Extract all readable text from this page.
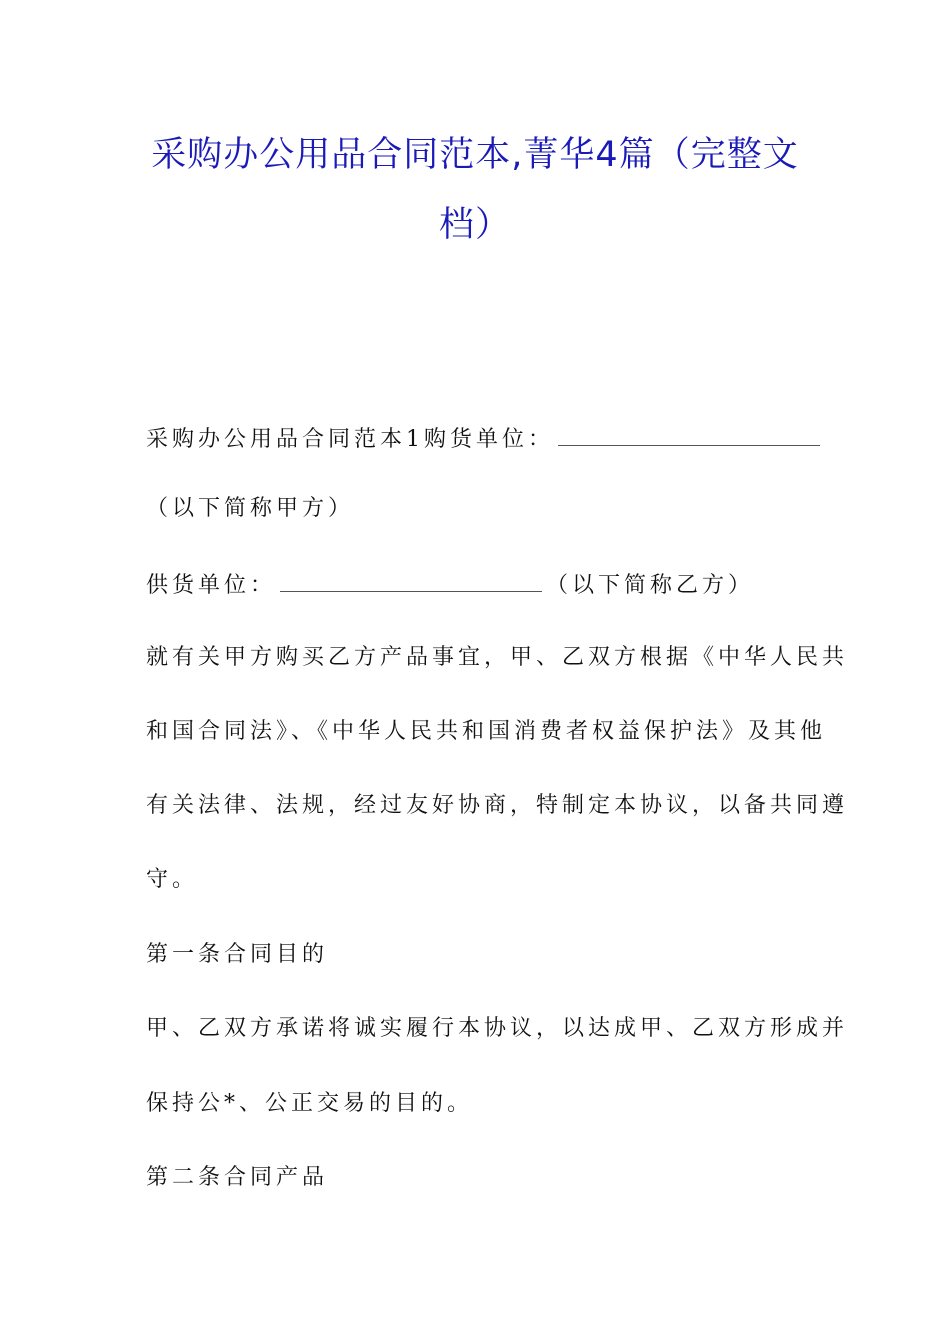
采购办公用品合同范本,菁华4篇（完整文
档）
采购办公用品合同范本1购货单位：
（以下简称甲方）
供货单位：	（以下简称乙方）
就有关甲方购买乙方产品事宜，甲、乙双方根据《中华人民共
和国合同法》、《中华人民共和国消费者权益保护法》及其他
有关法律、法规，经过友好协商，特制定本协议，以备共同遵
守。
第一条合同目的
甲、乙双方承诺将诚实履行本协议，以达成甲、乙双方形成并
保持公*、公正交易的目的。
第二条合同产品
